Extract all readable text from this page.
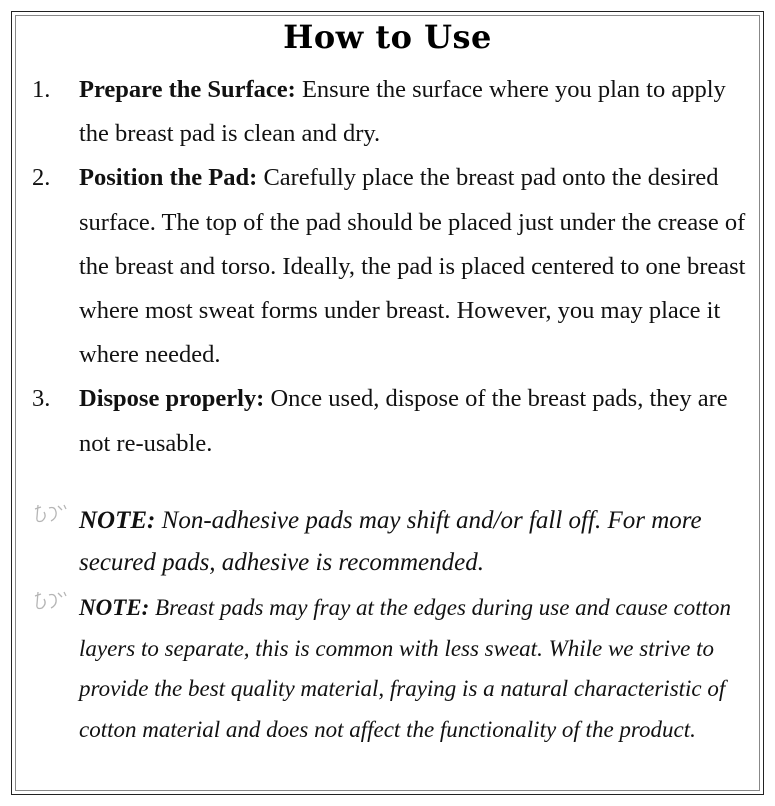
How to Use
1.	Prepare the Surface: Ensure the surface where you plan to apply the breast pad is clean and dry.
2.	Position the Pad: Carefully place the breast pad onto the desired surface. The top of the pad should be placed just under the crease of the breast and torso. Ideally, the pad is placed centered to one breast where most sweat forms under breast. However, you may place it where needed.
3.	Dispose properly: Once used, dispose of the breast pads, they are not re-usable.
NOTE: Non-adhesive pads may shift and/or fall off. For more secured pads, adhesive is recommended.
NOTE: Breast pads may fray at the edges during use and cause cotton layers to separate, this is common with less sweat. While we strive to provide the best quality material, fraying is a natural characteristic of cotton material and does not affect the functionality of the product.
